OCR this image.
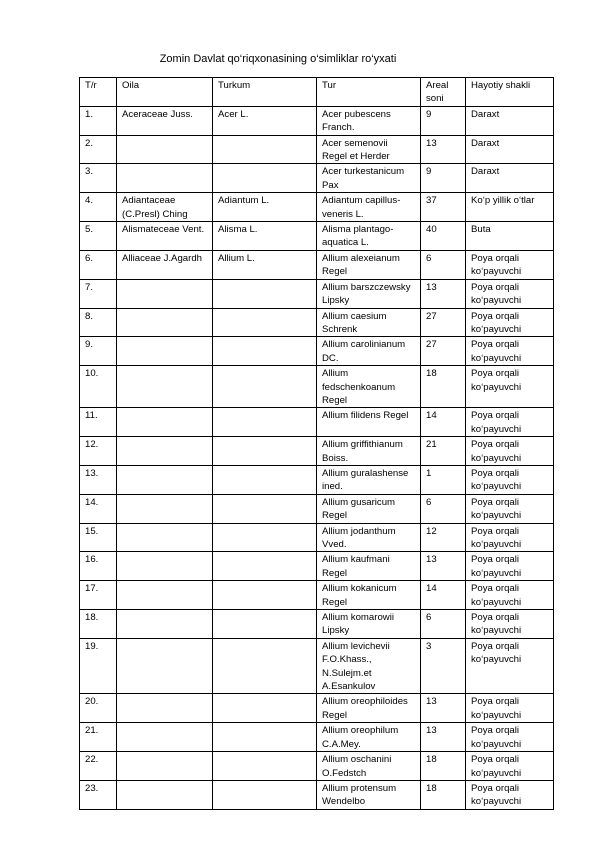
Zomin Davlat qo‘riqxonasining o‘simliklar ro‘yxati
T/r	Oila	Turkum	Tur	Areal soni	Hayotiy shakli
1.	Aceraceae Juss.	Acer L.	Acer pubescens Franch.	9	Daraxt
2.			Acer semenovii Regel et Herder	13	Daraxt
3.			Acer turkestanicum Pax	9	Daraxt
4.	Adiantaceae (C.Presl) Ching	Adiantum L.	Adiantum capillus-veneris L.	37	Ko‘p yillik o‘tlar
5.	Alismateceae Vent.	Alisma L.	Alisma plantago-aquatica L.	40	Buta
6.	Alliaceae J.Agardh	Allium L.	Allium alexeianum Regel	6	Poya orqali ko‘payuvchi
7.			Allium barszczewsky Lipsky	13	Poya orqali ko‘payuvchi
8.			Allium caesium Schrenk	27	Poya orqali ko‘payuvchi
9.			Allium carolinianum DC.	27	Poya orqali ko‘payuvchi
10.			Allium fedschenkoanum Regel	18	Poya orqali ko‘payuvchi
11.			Allium filidens Regel	14	Poya orqali ko‘payuvchi
12.			Allium griffithianum Boiss.	21	Poya orqali ko‘payuvchi
13.			Allium guralashense ined.	1	Poya orqali ko‘payuvchi
14.			Allium gusaricum Regel	6	Poya orqali ko‘payuvchi
15.			Allium jodanthum Vved.	12	Poya orqali ko‘payuvchi
16.			Allium kaufmani Regel	13	Poya orqali ko‘payuvchi
17.			Allium kokanicum Regel	14	Poya orqali ko‘payuvchi
18.			Allium komarowii Lipsky	6	Poya orqali ko‘payuvchi
19.			Allium levichevii F.O.Khass., N.Sulejm.et A.Esankulov	3	Poya orqali ko‘payuvchi
20.			Allium oreophiloides Regel	13	Poya orqali ko‘payuvchi
21.			Allium oreophilum C.A.Mey.	13	Poya orqali ko‘payuvchi
22.			Allium oschanini O.Fedstch	18	Poya orqali ko‘payuvchi
23.			Allium protensum Wendelbo	18	Poya orqali ko‘payuvchi
